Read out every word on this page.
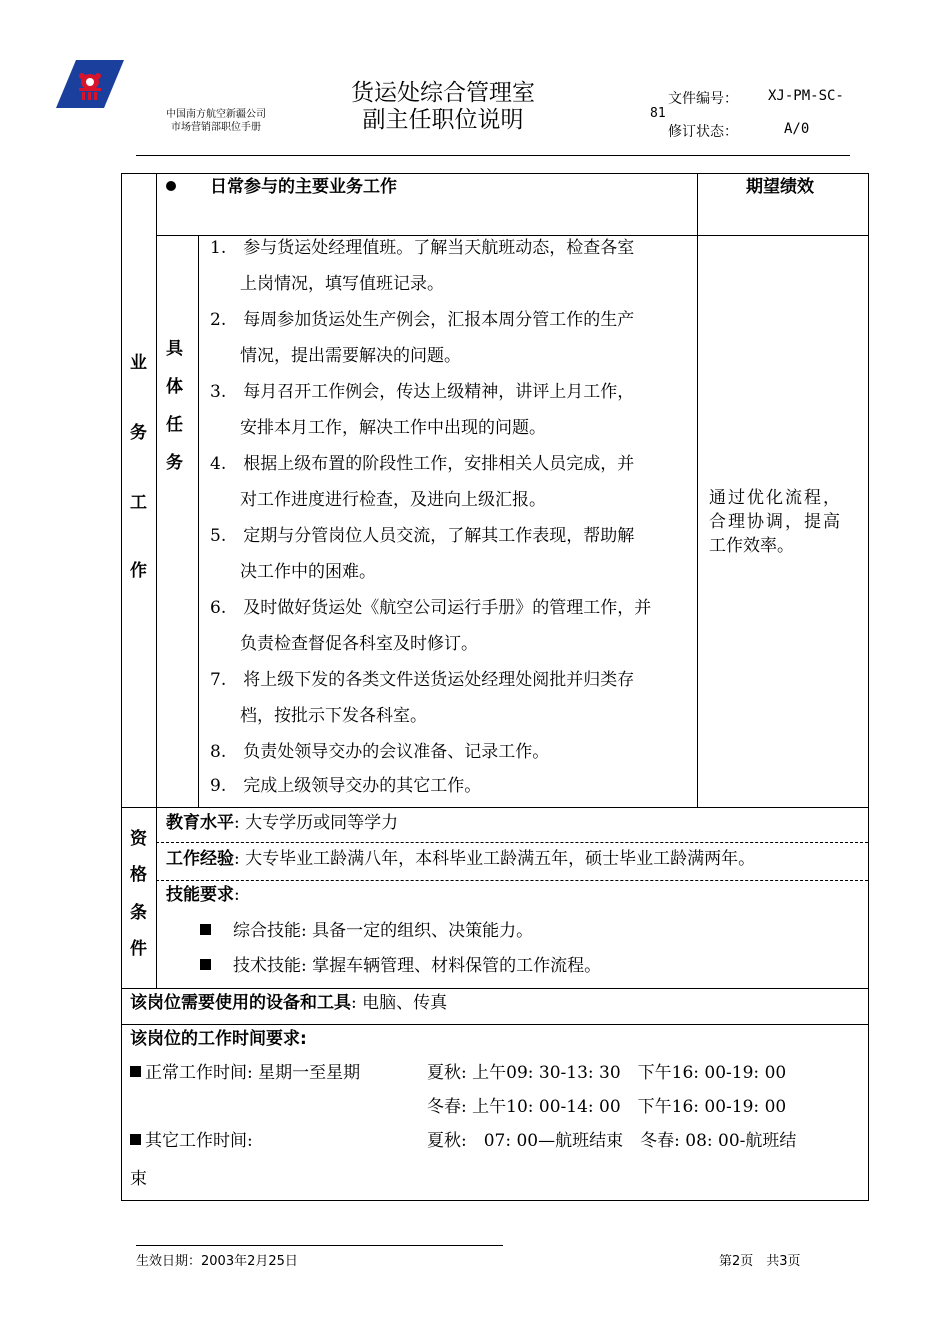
中国南方航空新疆公司
市场营销部职位手册
货运处综合管理室
副主任职位说明
文件编号： XJ-PM-SC-
81
修订状态：	A/0
业
务
工
作
日常参与的主要业务工作	期望绩效
具
体
任
务
1.　参与货运处经理值班。了解当天航班动态，检查各室
上岗情况，填写值班记录。
2.　每周参加货运处生产例会，汇报本周分管工作的生产
情况，提出需要解决的问题。
3.　每月召开工作例会，传达上级精神，讲评上月工作，
安排本月工作，解决工作中出现的问题。
4.　根据上级布置的阶段性工作，安排相关人员完成，并
对工作进度进行检查，及进向上级汇报。
5.　定期与分管岗位人员交流，了解其工作表现，帮助解
决工作中的困难。
6.　及时做好货运处《航空公司运行手册》的管理工作，并
负责检查督促各科室及时修订。
7.　将上级下发的各类文件送货运处经理处阅批并归类存
档，按批示下发各科室。
8.　负责处领导交办的会议准备、记录工作。
9.　完成上级领导交办的其它工作。
通过优化流程，
合理协调，提高
工作效率。
资
格
条
件
教育水平: 大专学历或同等学力
工作经验: 大专毕业工龄满八年，本科毕业工龄满五年，硕士毕业工龄满两年。
技能要求:
综合技能: 具备一定的组织、决策能力。
技术技能: 掌握车辆管理、材料保管的工作流程。
该岗位需要使用的设备和工具: 电脑、传真
该岗位的工作时间要求:
正常工作时间: 星期一至星期	夏秋: 上午09: 30-13: 30　下午16: 00-19: 00
冬春: 上午10: 00-14: 00　下午16: 00-19: 00
其它工作时间:	夏秋:　07: 00—航班结束　冬春: 08: 00-航班结
束
生效日期：2003年2月25日	第2页　共3页
